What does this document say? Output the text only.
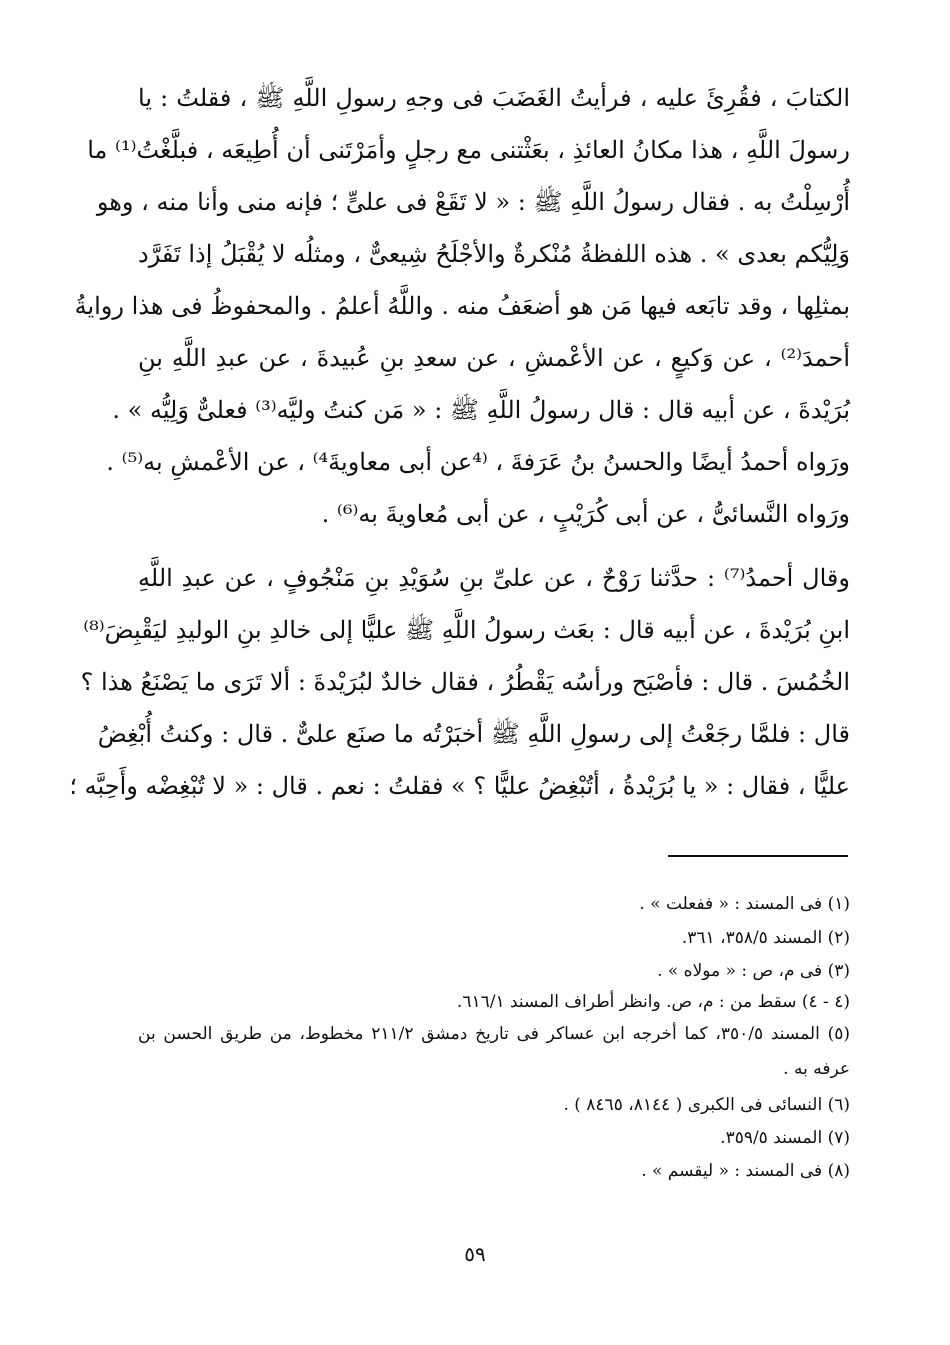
الكتابَ ، فقُرِئَ عليه ، فرأيتُ الغَضَبَ فى وجهِ رسولِ اللَّهِ ﷺ ، فقلتُ : يا
رسولَ اللَّهِ ، هذا مكانُ العائذِ ، بعَثْتنى مع رجلٍ وأمَرْتَنى أن أُطِيعَه ، فبلَّغْتُ⁽¹⁾ ما
أُرْسِلْتُ به . فقال رسولُ اللَّهِ ﷺ : « لا تَقَعْ فى علىٍّ ؛ فإنه منى وأنا منه ، وهو
وَلِيُّكم بعدى » . هذه اللفظةُ مُنْكرةٌ والأجْلَحُ شِيعىٌّ ، ومثلُه لا يُقْبَلُ إذا تَفَرَّد
بمثلِها ، وقد تابَعه فيها مَن هو أضعَفُ منه . واللَّهُ أعلمُ . والمحفوظُ فى هذا روايةُ
أحمدَ⁽²⁾ ، عن وَكيعٍ ، عن الأعْمشِ ، عن سعدِ بنِ عُبيدةَ ، عن عبدِ اللَّهِ بنِ
بُرَيْدةَ ، عن أبيه قال : قال رسولُ اللَّهِ ﷺ : « مَن كنتُ وليَّه⁽³⁾ فعلىٌّ وَلِيُّه » .
ورَواه أحمدُ أيضًا والحسنُ بنُ عَرَفةَ ، ⁽⁴عن أبى معاويةَ⁴⁾ ، عن الأعْمشِ به⁽⁵⁾ .
ورَواه النَّسائىُّ ، عن أبى كُرَيْبٍ ، عن أبى مُعاويةَ به⁽⁶⁾ .
وقال أحمدُ⁽⁷⁾ : حدَّثنا رَوْحٌ ، عن علىِّ بنِ سُوَيْدِ بنِ مَنْجُوفٍ ، عن عبدِ اللَّهِ
ابنِ بُرَيْدةَ ، عن أبيه قال : بعَث رسولُ اللَّهِ ﷺ عليًّا إلى خالدِ بنِ الوليدِ ليَقْبِضَ⁽⁸⁾
الخُمُسَ . قال : فأصْبَح ورأسُه يَقْطُرُ ، فقال خالدٌ لبُرَيْدةَ : ألا تَرَى ما يَصْنَعُ هذا ؟
قال : فلمَّا رجَعْتُ إلى رسولِ اللَّهِ ﷺ أخبَرْتُه ما صنَع علىٌّ . قال : وكنتُ أُبْغِضُ
عليًّا ، فقال : « يا بُرَيْدةُ ، أتُبْغِضُ عليًّا ؟ » فقلتُ : نعم . قال : « لا تُبْغِضْه وأَحِبَّه ؛
(١) فى المسند : « ففعلت » .
(٢) المسند ٣٥٨/٥، ٣٦١.
(٣) فى م، ص : « مولاه » .
(٤ - ٤) سقط من : م، ص. وانظر أطراف المسند ٦١٦/١.
(٥) المسند ٣٥٠/٥، كما أخرجه ابن عساكر فى تاريخ دمشق ٢١١/٢ مخطوط، من طريق الحسن بن
عرفه به .
(٦) النسائى فى الكبرى ( ٨١٤٤، ٨٤٦٥ ) .
(٧) المسند ٣٥٩/٥.
(٨) فى المسند : « ليقسم » .
٥٩
